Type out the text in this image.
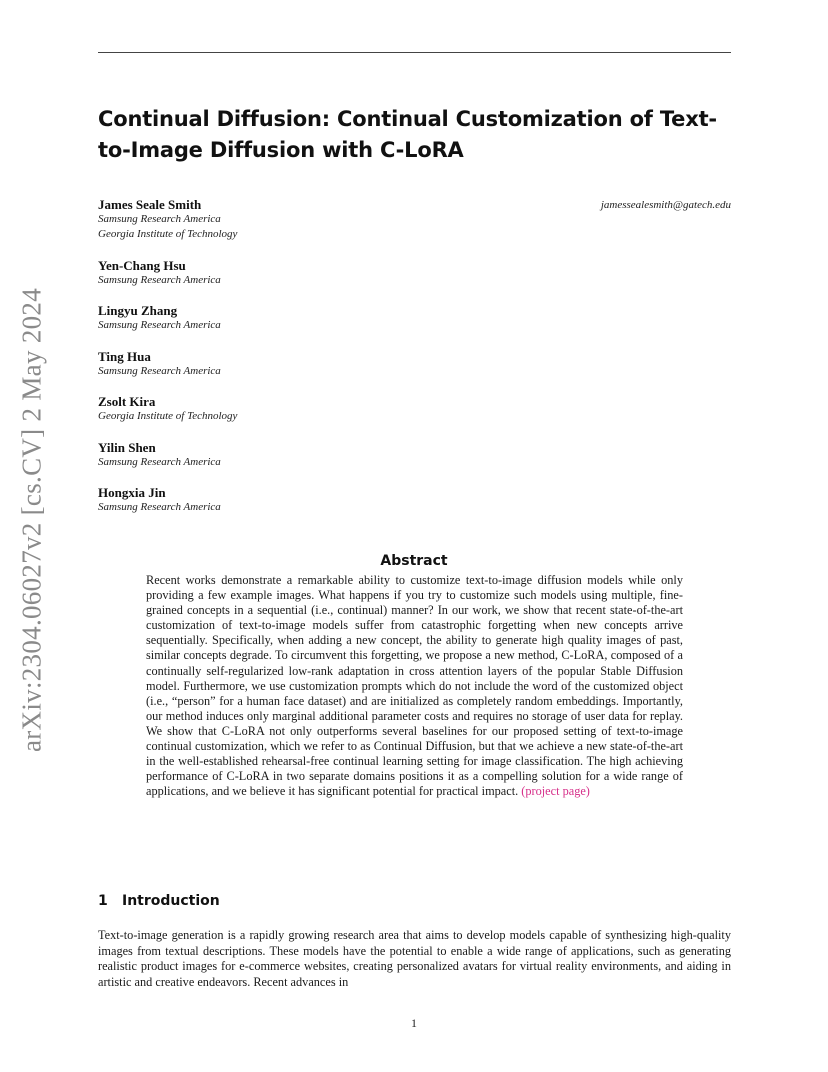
arXiv:2304.06027v2 [cs.CV] 2 May 2024
Continual Diffusion: Continual Customization of Text-to-Image Diffusion with C-LoRA
jamessealesmith@gatech.edu
James Seale Smith
Samsung Research America
Georgia Institute of Technology
Yen-Chang Hsu
Samsung Research America
Lingyu Zhang
Samsung Research America
Ting Hua
Samsung Research America
Zsolt Kira
Georgia Institute of Technology
Yilin Shen
Samsung Research America
Hongxia Jin
Samsung Research America
Abstract
Recent works demonstrate a remarkable ability to customize text-to-image diffusion models while only providing a few example images. What happens if you try to customize such models using multiple, fine-grained concepts in a sequential (i.e., continual) manner? In our work, we show that recent state-of-the-art customization of text-to-image models suffer from catastrophic forgetting when new concepts arrive sequentially. Specifically, when adding a new concept, the ability to generate high quality images of past, similar concepts degrade. To circumvent this forgetting, we propose a new method, C-LoRA, composed of a continually self-regularized low-rank adaptation in cross attention layers of the popular Stable Diffusion model. Furthermore, we use customization prompts which do not include the word of the customized object (i.e., “person” for a human face dataset) and are initialized as completely random embeddings. Importantly, our method induces only marginal additional parameter costs and requires no storage of user data for replay. We show that C-LoRA not only outperforms several baselines for our proposed setting of text-to-image continual customization, which we refer to as Continual Diffusion, but that we achieve a new state-of-the-art in the well-established rehearsal-free continual learning setting for image classification. The high achieving performance of C-LoRA in two separate domains positions it as a compelling solution for a wide range of applications, and we believe it has significant potential for practical impact. (project page)
1 Introduction
Text-to-image generation is a rapidly growing research area that aims to develop models capable of synthesizing high-quality images from textual descriptions. These models have the potential to enable a wide range of applications, such as generating realistic product images for e-commerce websites, creating personalized avatars for virtual reality environments, and aiding in artistic and creative endeavors. Recent advances in
1
